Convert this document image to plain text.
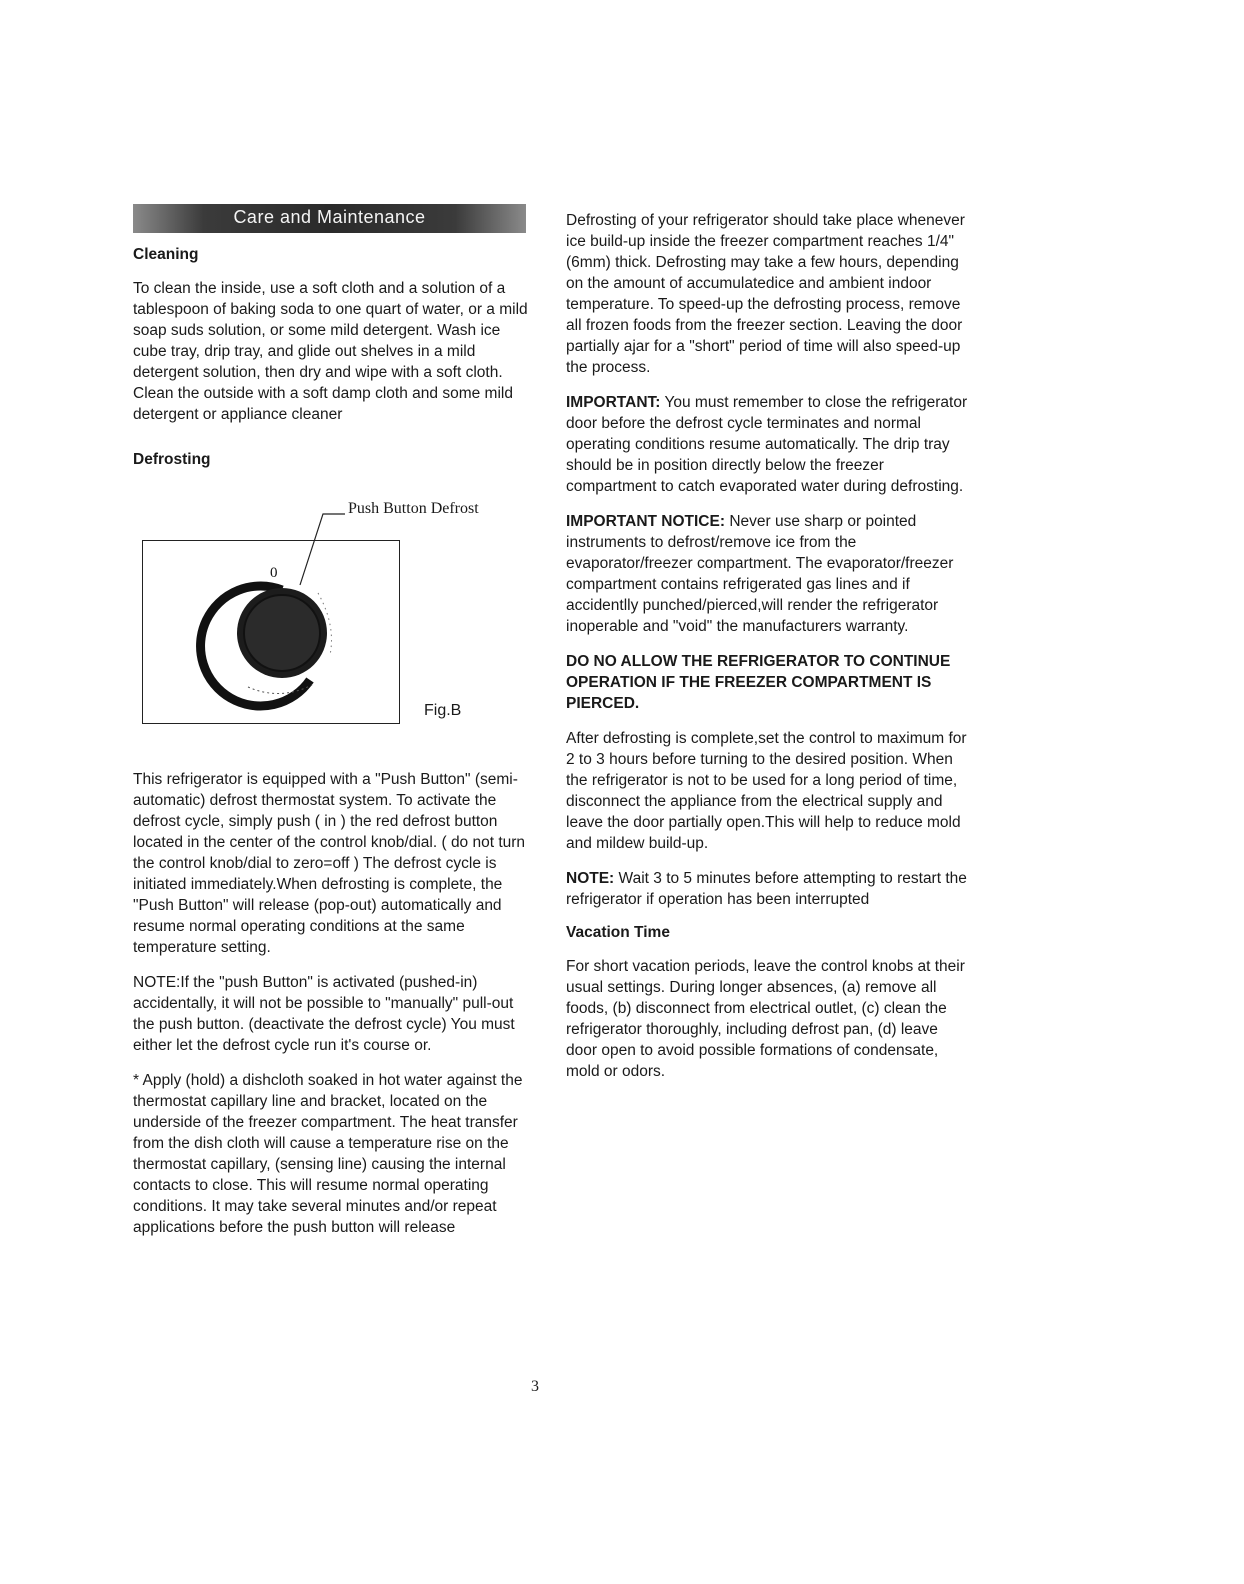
Care and Maintenance

Cleaning

To clean the inside, use a soft cloth and a solution of a tablespoon of baking soda to one quart of water, or a mild soap suds solution, or some mild detergent. Wash ice cube tray, drip tray, and glide out shelves in a mild detergent solution, then dry and wipe with a soft cloth. Clean the outside with a soft damp cloth and some mild detergent or appliance cleaner

Defrosting

Push Button Defrost
0
Fig.B

This refrigerator is equipped with a "Push Button" (semi-automatic) defrost thermostat system. To activate the defrost cycle, simply push ( in ) the red defrost button located in the center of the control knob/dial. ( do not turn the control knob/dial to zero=off ) The defrost cycle is initiated immediately.When defrosting is complete, the "Push Button" will release (pop-out) automatically and resume normal operating conditions at the same temperature setting.

NOTE:If the "push Button" is activated (pushed-in) accidentally, it will not be possible to "manually" pull-out the push button. (deactivate the defrost cycle) You must either let the defrost cycle run it's course or.

* Apply (hold) a dishcloth soaked in hot water against the thermostat capillary line and bracket, located on the underside of the freezer compartment. The heat transfer from the dish cloth will cause a temperature rise on the thermostat capillary, (sensing line) causing the internal contacts to close. This will resume normal operating conditions. It may take several minutes and/or repeat applications before the push button will release

Defrosting of your refrigerator should take place whenever ice build-up inside the freezer compartment reaches 1/4" (6mm) thick. Defrosting may take a few hours, depending on the amount of accumulatedice and ambient indoor temperature. To speed-up the defrosting process, remove all frozen foods from the freezer section. Leaving the door partially ajar for a "short" period of time will also speed-up the process.

IMPORTANT: You must remember to close the refrigerator door before the defrost cycle terminates and normal operating conditions resume automatically. The drip tray should be in position directly below the freezer compartment to catch evaporated water during defrosting.

IMPORTANT NOTICE: Never use sharp or pointed instruments to defrost/remove ice from the evaporator/freezer compartment. The evaporator/freezer compartment contains refrigerated gas lines and if accidentlly punched/pierced,will render the refrigerator inoperable and "void" the manufacturers warranty.

DO NO ALLOW THE REFRIGERATOR TO CONTINUE OPERATION IF THE FREEZER COMPARTMENT IS PIERCED.

After defrosting is complete,set the control to maximum for 2 to 3 hours before turning to the desired position. When the refrigerator is not to be used for a long period of time, disconnect the appliance from the electrical supply and leave the door partially open.This will help to reduce mold and mildew build-up.

NOTE: Wait 3 to 5 minutes before attempting to restart the refrigerator if operation has been interrupted

Vacation Time

For short vacation periods, leave the control knobs at their usual settings. During longer absences, (a) remove all foods, (b) disconnect from electrical outlet, (c) clean the refrigerator thoroughly, including defrost pan, (d) leave door open to avoid possible formations of condensate, mold or odors.

3
